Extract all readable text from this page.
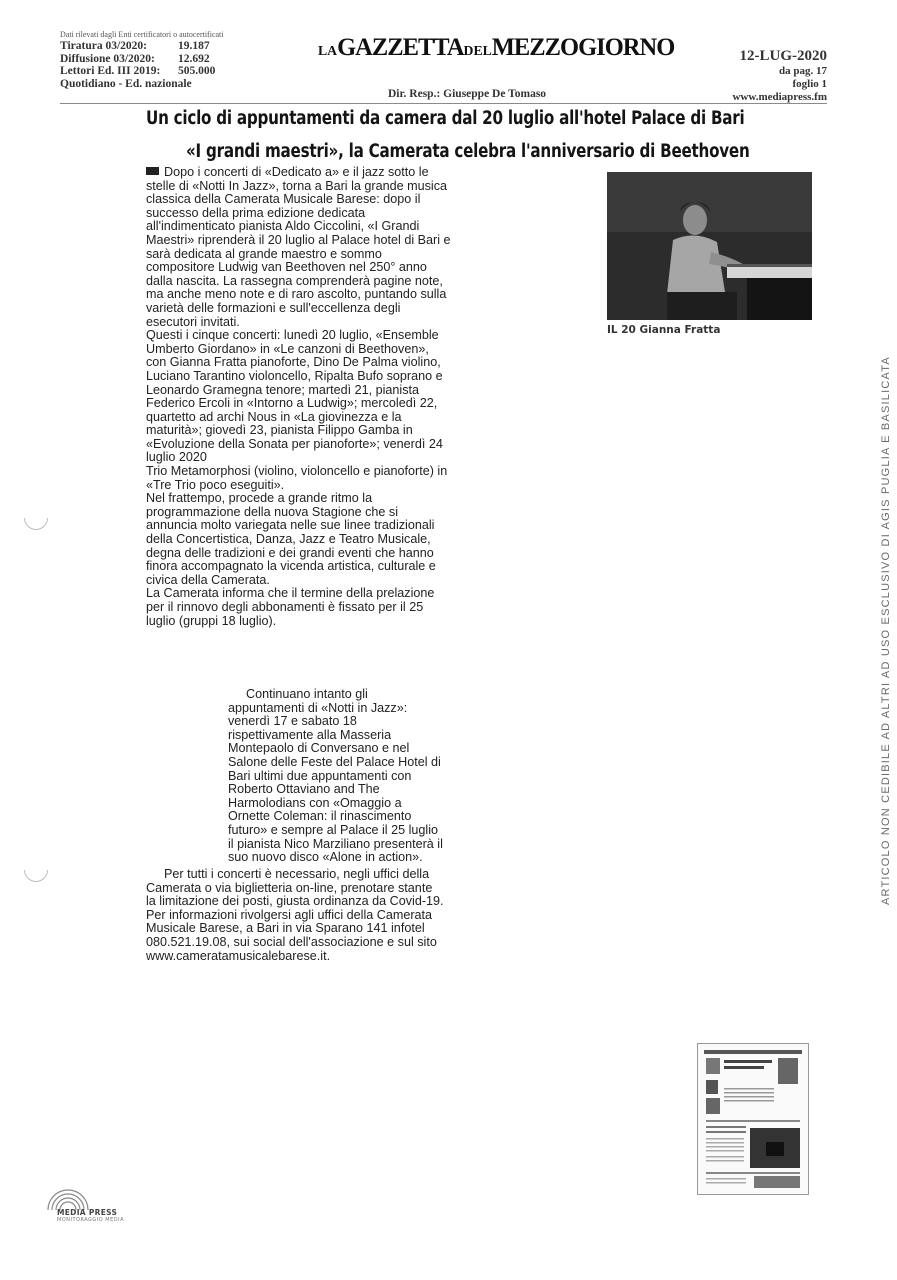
Dati rilevati dagli Enti certificatori o autocertificati
Tiratura 03/2020:	19.187
Diffusione 03/2020: 12.692
Lettori Ed. III 2019: 505.000
Quotidiano - Ed. nazionale
LAGAZZETTADELMEZZOGIORNO
Dir. Resp.: Giuseppe De Tomaso
12-LUG-2020
da pag. 17
foglio 1
www.mediapress.fm
Un ciclo di appuntamenti da camera dal 20 luglio all'hotel Palace di Bari
«I grandi maestri», la Camerata celebra l'anniversario di Beethoven

Dopo i concerti di «Dedicato a» e il jazz sotto le stelle di «Notti In Jazz», torna a Bari la grande musica classica della Camerata Musicale Barese: dopo il successo della prima edizione dedicata all'indimenticato pianista Aldo Ciccolini, «I Grandi Maestri» riprenderà il 20 luglio al Palace hotel di Bari e sarà dedicata al grande maestro e sommo compositore Ludwig van Beethoven nel 250° anno dalla nascita. La rassegna comprenderà pagine note, ma anche meno note e di raro ascolto, puntando sulla varietà delle formazioni e sull'eccellenza degli esecutori invitati.

Questi i cinque concerti: lunedì 20 luglio, «Ensemble Umberto Giordano» in «Le canzoni di Beethoven», con Gianna Fratta pianoforte, Dino De Palma violino, Luciano Tarantino violoncello, Ripalta Bufo soprano e Leonardo Gramegna tenore; martedì 21, pianista Federico Ercoli in «Intorno a Ludwig»; mercoledì 22, quartetto ad archi Nous in «La giovinezza e la maturità»; giovedì 23, pianista Filippo Gamba in «Evoluzione della Sonata per pianoforte»; venerdì 24 luglio 2020

Trio Metamorphosi (violino, violoncello e pianoforte) in «Tre Trio poco eseguiti».

Nel frattempo, procede a grande ritmo la programmazione della nuova Stagione che si annuncia molto variegata nelle sue linee tradizionali della Concertistica, Danza, Jazz e Teatro Musicale, degna delle tradizioni e dei grandi eventi che hanno finora accompagnato la vicenda artistica, culturale e civica della Camerata.

La Camerata informa che il termine della prelazione per il rinnovo degli abbonamenti è fissato per il 25 luglio (gruppi 18 luglio).

Continuano intanto gli appuntamenti di «Notti in Jazz»: venerdì 17 e sabato 18 rispettivamente alla Masseria Montepaolo di Conversano e nel Salone delle Feste del Palace Hotel di Bari ultimi due appuntamenti con Roberto Ottaviano and The Harmolodians con «Omaggio a Ornette Coleman: il rinascimento futuro» e sempre al Palace il 25 luglio il pianista Nico Marziliano presenterà il suo nuovo disco «Alone in action».

Per tutti i concerti è necessario, negli uffici della Camerata o via biglietteria on-line, prenotare stante la limitazione dei posti, giusta ordinanza da Covid-19. Per informazioni rivolgersi agli uffici della Camerata Musicale Barese, a Bari in via Sparano 141 infotel 080.521.19.08, sui social dell'associazione e sul sito www.cameratamusicalebarese.it.

IL 20 Gianna Fratta
ARTICOLO NON CEDIBILE AD ALTRI AD USO ESCLUSIVO DI AGIS PUGLIA E BASILICATA
MEDIA PRESS
MONITORAGGIO MEDIA
